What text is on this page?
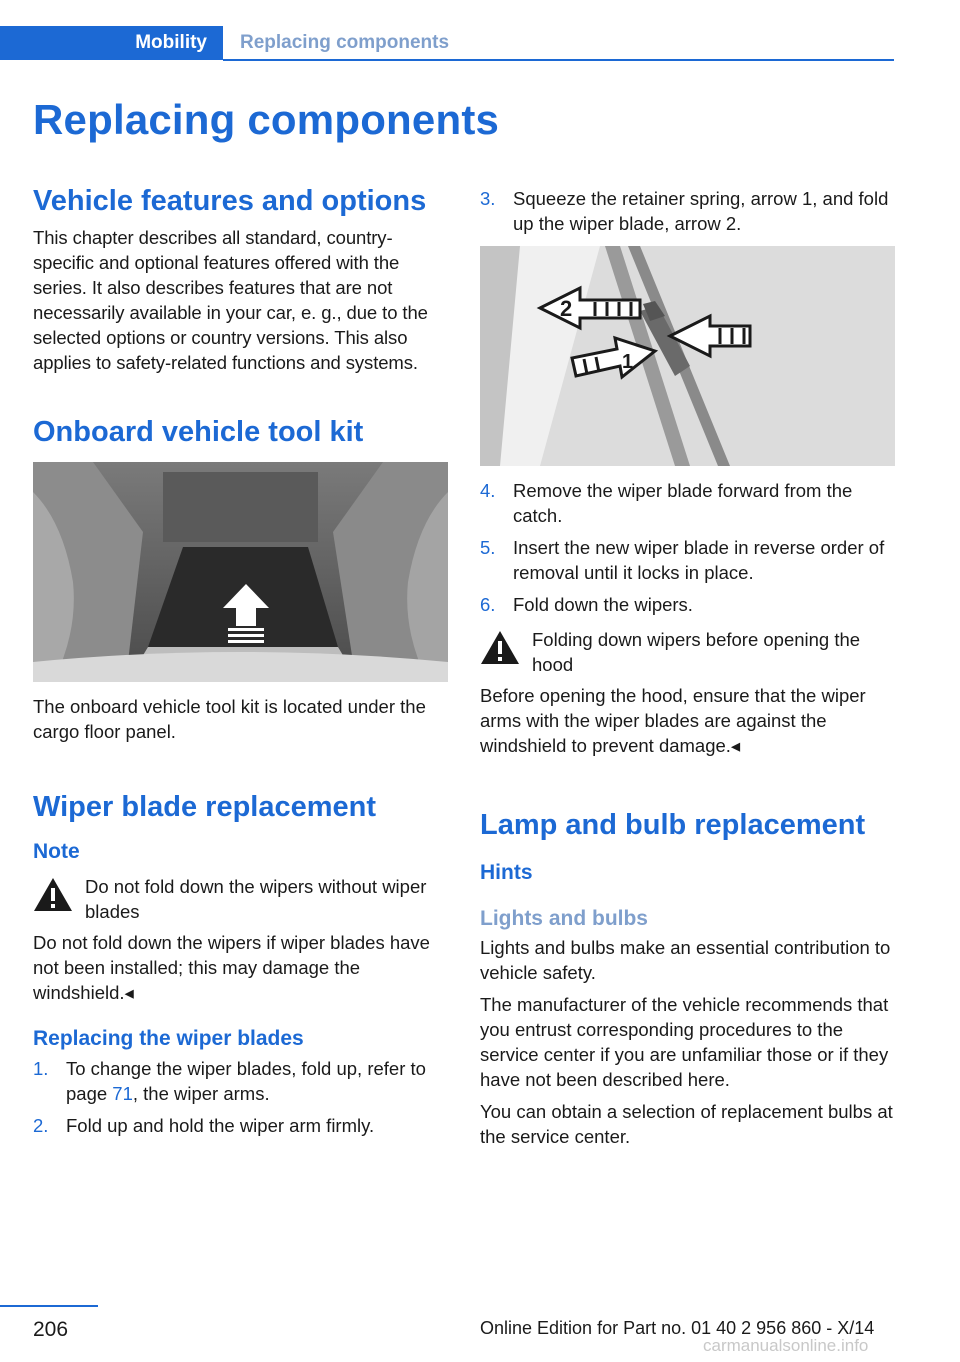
Mobility	Replacing components
Replacing components
Vehicle features and options

This chapter describes all standard, country-specific and optional features offered with the series. It also describes features that are not necessarily available in your car, e. g., due to the selected options or country versions. This also applies to safety-related functions and systems.

Onboard vehicle tool kit

The onboard vehicle tool kit is located under the cargo floor panel.

Wiper blade replacement
Note
Do not fold down the wipers without wiper blades

Do not fold down the wipers if wiper blades have not been installed; this may damage the windshield.◂

Replacing the wiper blades
1. To change the wiper blades, fold up, refer to page 71, the wiper arms.
2. Fold up and hold the wiper arm firmly.
3. Squeeze the retainer spring, arrow 1, and fold up the wiper blade, arrow 2.
2
1
4. Remove the wiper blade forward from the catch.
5. Insert the new wiper blade in reverse order of removal until it locks in place.
6. Fold down the wipers.
Folding down wipers before opening the hood

Before opening the hood, ensure that the wiper arms with the wiper blades are against the windshield to prevent damage.◂

Lamp and bulb replacement
Hints
Lights and bulbs

Lights and bulbs make an essential contribution to vehicle safety.

The manufacturer of the vehicle recommends that you entrust corresponding procedures to the service center if you are unfamiliar those or if they have not been described here.

You can obtain a selection of replacement bulbs at the service center.

206	Online Edition for Part no. 01 40 2 956 860 - X/14
carmanualsonline.info
